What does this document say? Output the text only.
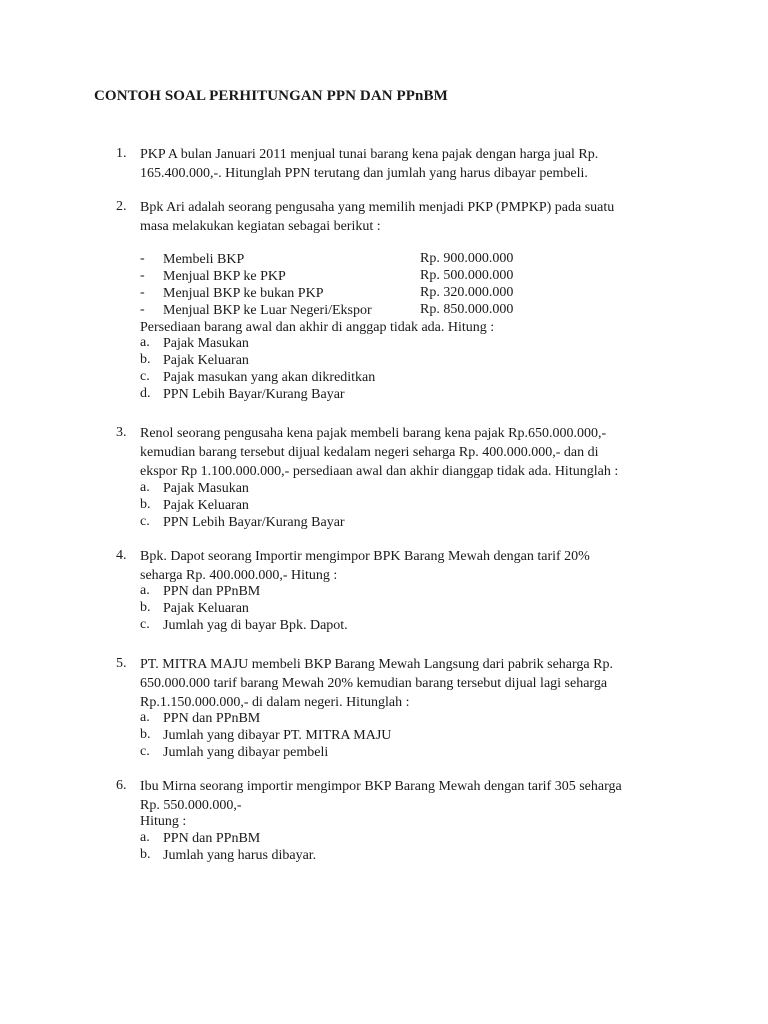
CONTOH SOAL PERHITUNGAN PPN DAN PPnBM
1. PKP A bulan Januari 2011 menjual tunai barang kena pajak dengan harga jual Rp.
165.400.000,-. Hitunglah PPN terutang dan jumlah yang harus dibayar pembeli.
2. Bpk Ari adalah seorang pengusaha yang memilih menjadi PKP (PMPKP) pada suatu
masa melakukan kegiatan sebagai berikut :
- Membeli BKP	Rp. 900.000.000
- Menjual BKP ke PKP	Rp. 500.000.000
- Menjual BKP ke bukan PKP	Rp. 320.000.000
- Menjual BKP ke Luar Negeri/Ekspor	Rp. 850.000.000
Persediaan barang awal dan akhir di anggap tidak ada. Hitung :
a. Pajak Masukan
b. Pajak Keluaran
c. Pajak masukan yang akan dikreditkan
d. PPN Lebih Bayar/Kurang Bayar
3. Renol seorang pengusaha kena pajak membeli barang kena pajak Rp.650.000.000,-
kemudian barang tersebut dijual kedalam negeri seharga Rp. 400.000.000,- dan di
ekspor Rp 1.100.000.000,- persediaan awal dan akhir dianggap tidak ada. Hitunglah :
a. Pajak Masukan
b. Pajak Keluaran
c. PPN Lebih Bayar/Kurang Bayar
4. Bpk. Dapot seorang Importir mengimpor BPK Barang Mewah dengan tarif 20%
seharga Rp. 400.000.000,- Hitung :
a. PPN dan PPnBM
b. Pajak Keluaran
c. Jumlah yag di bayar Bpk. Dapot.
5. PT. MITRA MAJU membeli BKP Barang Mewah Langsung dari pabrik seharga Rp.
650.000.000 tarif barang Mewah 20% kemudian barang tersebut dijual lagi seharga
Rp.1.150.000.000,- di dalam negeri. Hitunglah :
a. PPN dan PPnBM
b. Jumlah yang dibayar PT. MITRA MAJU
c. Jumlah yang dibayar pembeli
6. Ibu Mirna seorang importir mengimpor BKP Barang Mewah dengan tarif 305 seharga
Rp. 550.000.000,-
Hitung :
a. PPN dan PPnBM
b. Jumlah yang harus dibayar.
